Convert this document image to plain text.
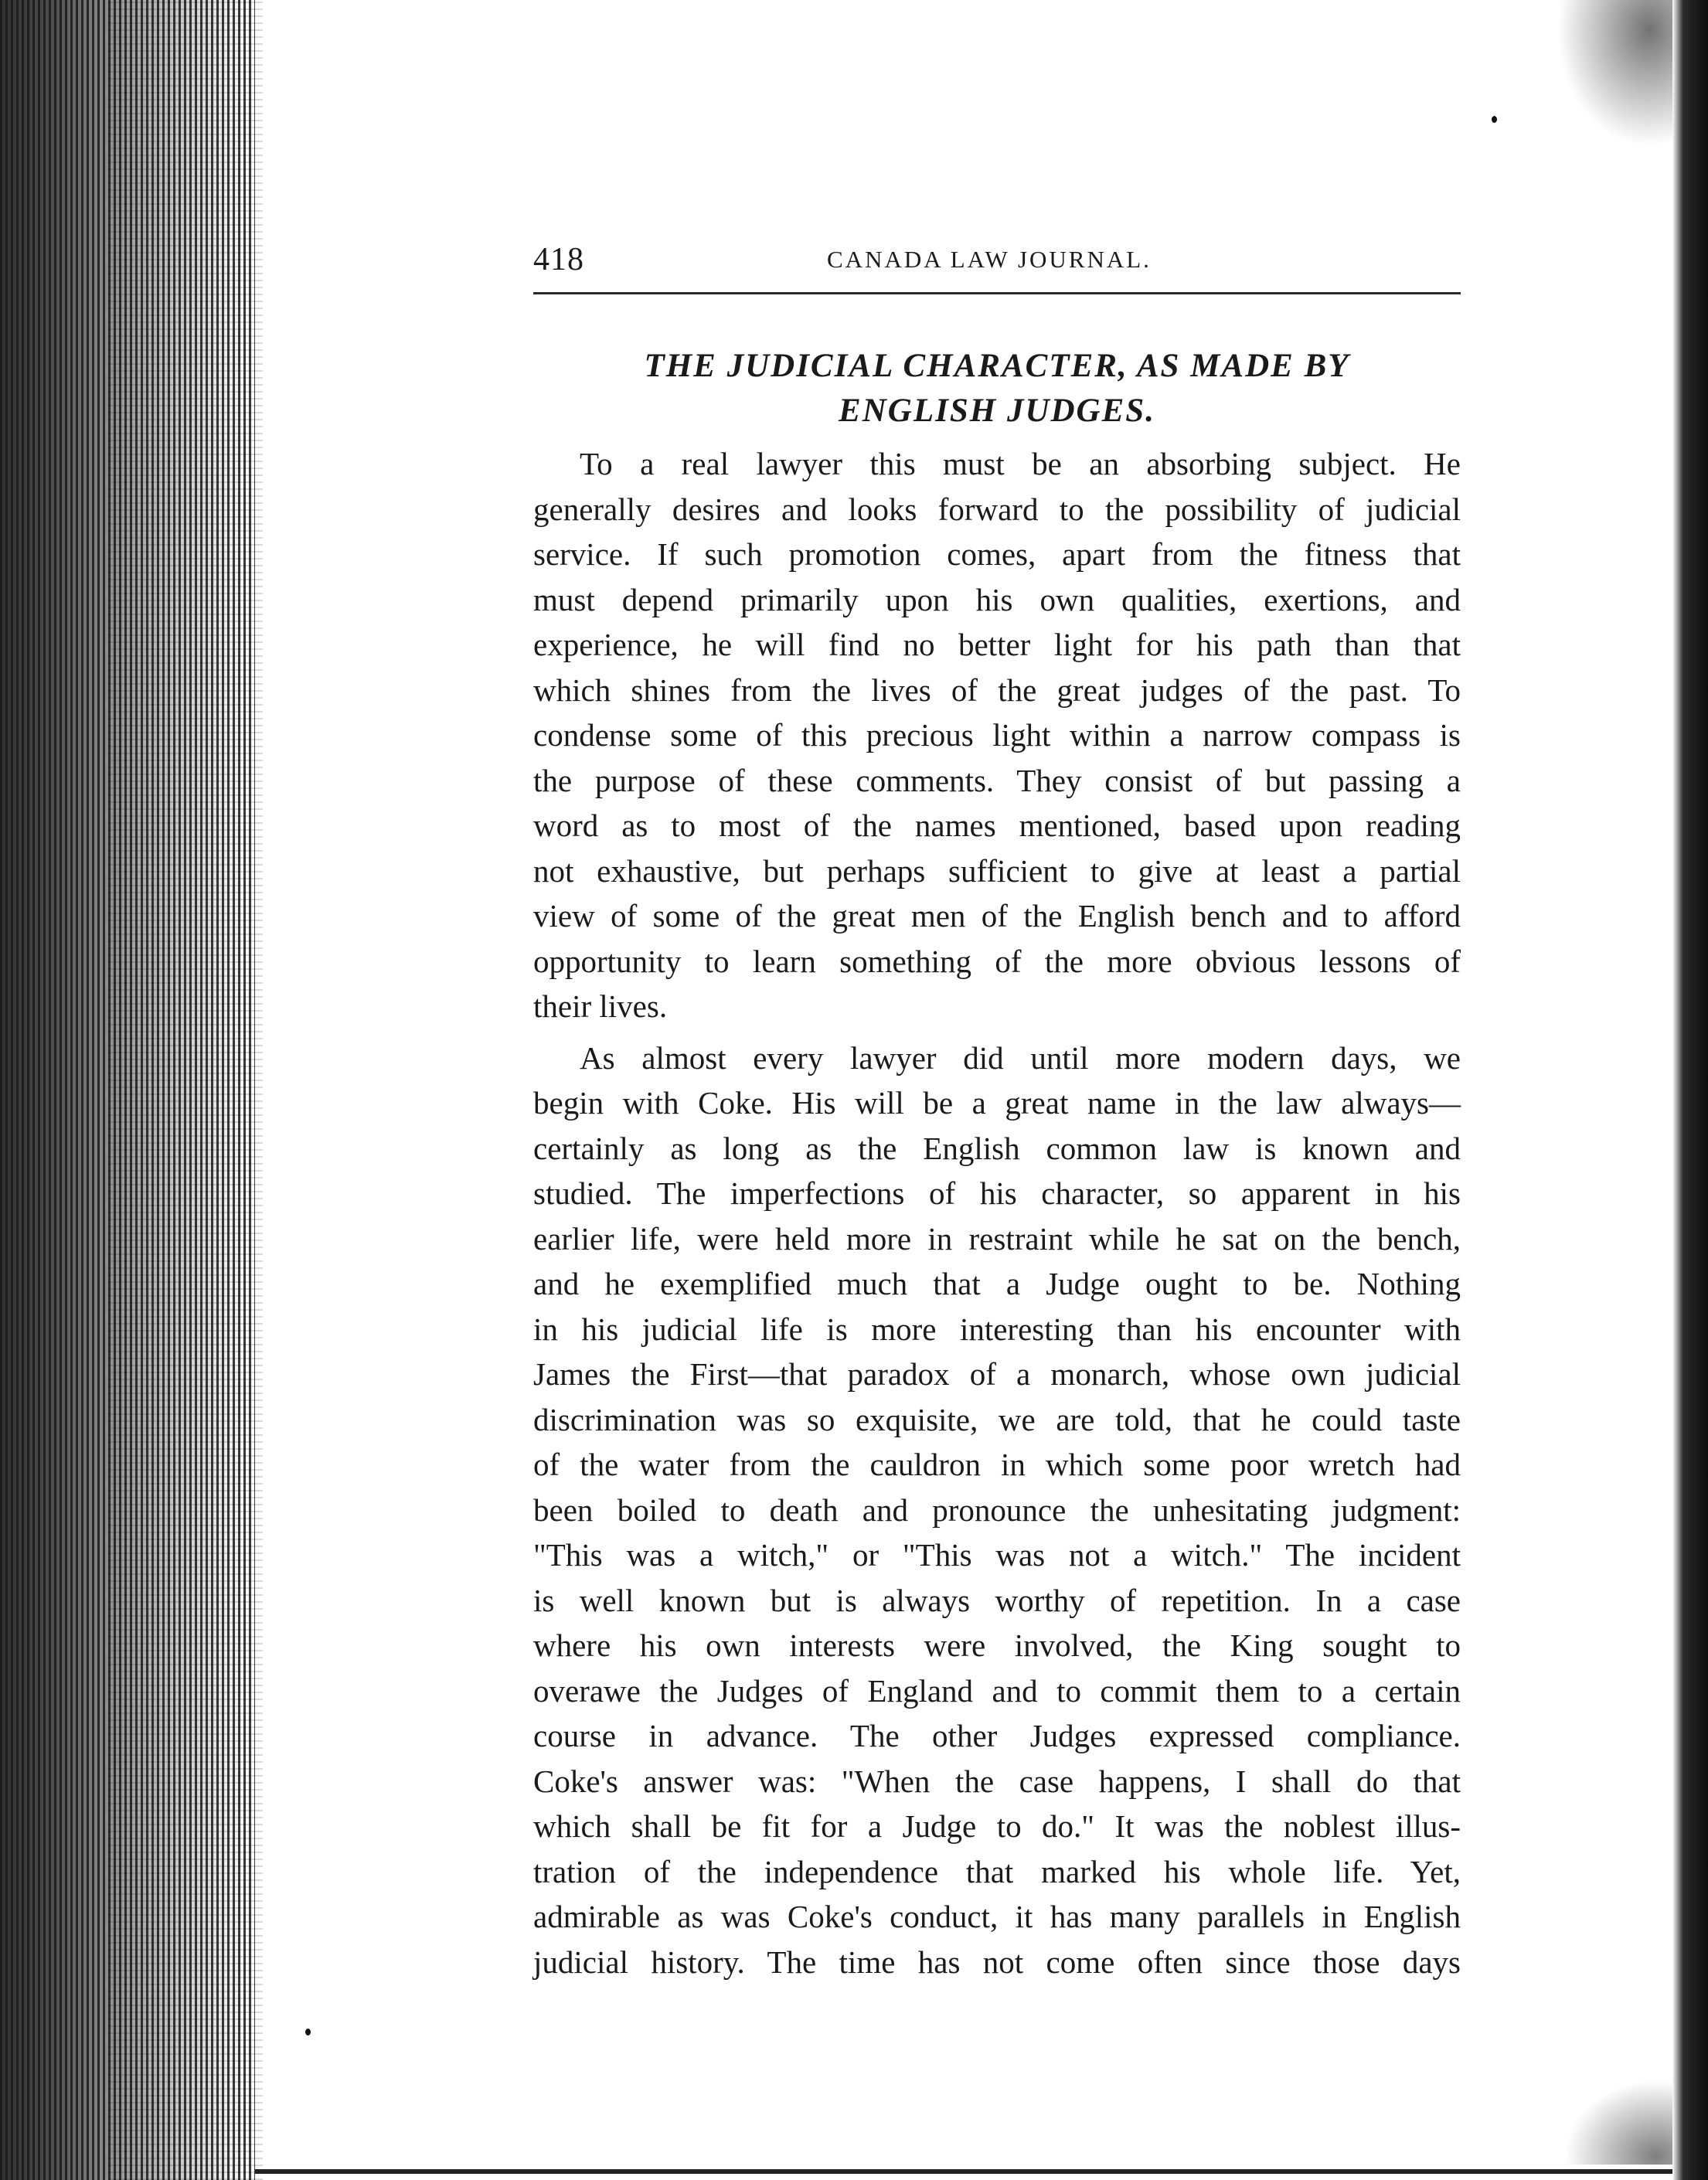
418	CANADA LAW JOURNAL.
THE JUDICIAL CHARACTER, AS MADE BY
ENGLISH JUDGES.

To a real lawyer this must be an absorbing subject. He
generally desires and looks forward to the possibility of judicial
service. If such promotion comes, apart from the fitness that
must depend primarily upon his own qualities, exertions, and
experience, he will find no better light for his path than that
which shines from the lives of the great judges of the past. To
condense some of this precious light within a narrow compass is
the purpose of these comments. They consist of but passing a
word as to most of the names mentioned, based upon reading
not exhaustive, but perhaps sufficient to give at least a partial
view of some of the great men of the English bench and to afford
opportunity to learn something of the more obvious lessons of
their lives.

As almost every lawyer did until more modern days, we
begin with Coke. His will be a great name in the law always—
certainly as long as the English common law is known and
studied. The imperfections of his character, so apparent in his
earlier life, were held more in restraint while he sat on the bench,
and he exemplified much that a Judge ought to be. Nothing
in his judicial life is more interesting than his encounter with
James the First—that paradox of a monarch, whose own judicial
discrimination was so exquisite, we are told, that he could taste
of the water from the cauldron in which some poor wretch had
been boiled to death and pronounce the unhesitating judgment:
"This was a witch," or "This was not a witch." The incident
is well known but is always worthy of repetition. In a case
where his own interests were involved, the King sought to
overawe the Judges of England and to commit them to a certain
course in advance. The other Judges expressed compliance.
Coke's answer was: "When the case happens, I shall do that
which shall be fit for a Judge to do." It was the noblest illus-
tration of the independence that marked his whole life. Yet,
admirable as was Coke's conduct, it has many parallels in English
judicial history. The time has not come often since those days
